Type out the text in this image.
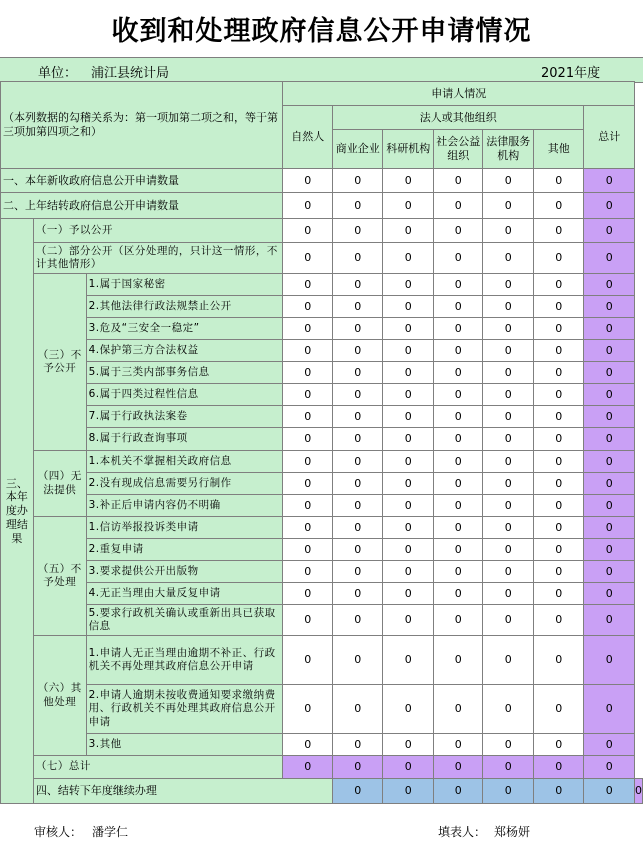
收到和处理政府信息公开申请情况
单位： 浦江县统计局	2021年度
（本列数据的勾稽关系为：第一项加第二项之和，等于第三项加第四项之和）			申请人情况							
			自然人	法人或其他组织					总计	
				商业企业	科研机构	社会公益组织	法律服务机构	其他		
一、本年新收政府信息公开申请数量			0	0	0	0	0	0	0	
二、上年结转政府信息公开申请数量			0	0	0	0	0	0	0	
三、本年度办理结果	（一）予以公开		0	0	0	0	0	0	0	
	（二）部分公开（区分处理的，只计这一情形，不计其他情形）		0	0	0	0	0	0	0	
	（三）不予公开	1.属于国家秘密	0	0	0	0	0	0	0	
		2.其他法律行政法规禁止公开	0	0	0	0	0	0	0	
		3.危及“三安全一稳定”	0	0	0	0	0	0	0	
		4.保护第三方合法权益	0	0	0	0	0	0	0	
		5.属于三类内部事务信息	0	0	0	0	0	0	0	
		6.属于四类过程性信息	0	0	0	0	0	0	0	
		7.属于行政执法案卷	0	0	0	0	0	0	0	
		8.属于行政查询事项	0	0	0	0	0	0	0	
	（四）无法提供	1.本机关不掌握相关政府信息	0	0	0	0	0	0	0	
		2.没有现成信息需要另行制作	0	0	0	0	0	0	0	
		3.补正后申请内容仍不明确	0	0	0	0	0	0	0	
	（五）不予处理	1.信访举报投诉类申请	0	0	0	0	0	0	0	
		2.重复申请	0	0	0	0	0	0	0	
		3.要求提供公开出版物	0	0	0	0	0	0	0	
		4.无正当理由大量反复申请	0	0	0	0	0	0	0	
		5.要求行政机关确认或重新出具已获取信息	0	0	0	0	0	0	0	
	（六）其他处理	1.申请人无正当理由逾期不补正、行政机关不再处理其政府信息公开申请	0	0	0	0	0	0	0	
		2.申请人逾期未按收费通知要求缴纳费用、行政机关不再处理其政府信息公开申请	0	0	0	0	0	0	0	
		3.其他	0	0	0	0	0	0	0	
	（七）总计		0	0	0	0	0	0	0	
	四、结转下年度继续办理			0	0	0	0	0	0	0
审核人： 潘学仁	填表人： 郑杨妍
